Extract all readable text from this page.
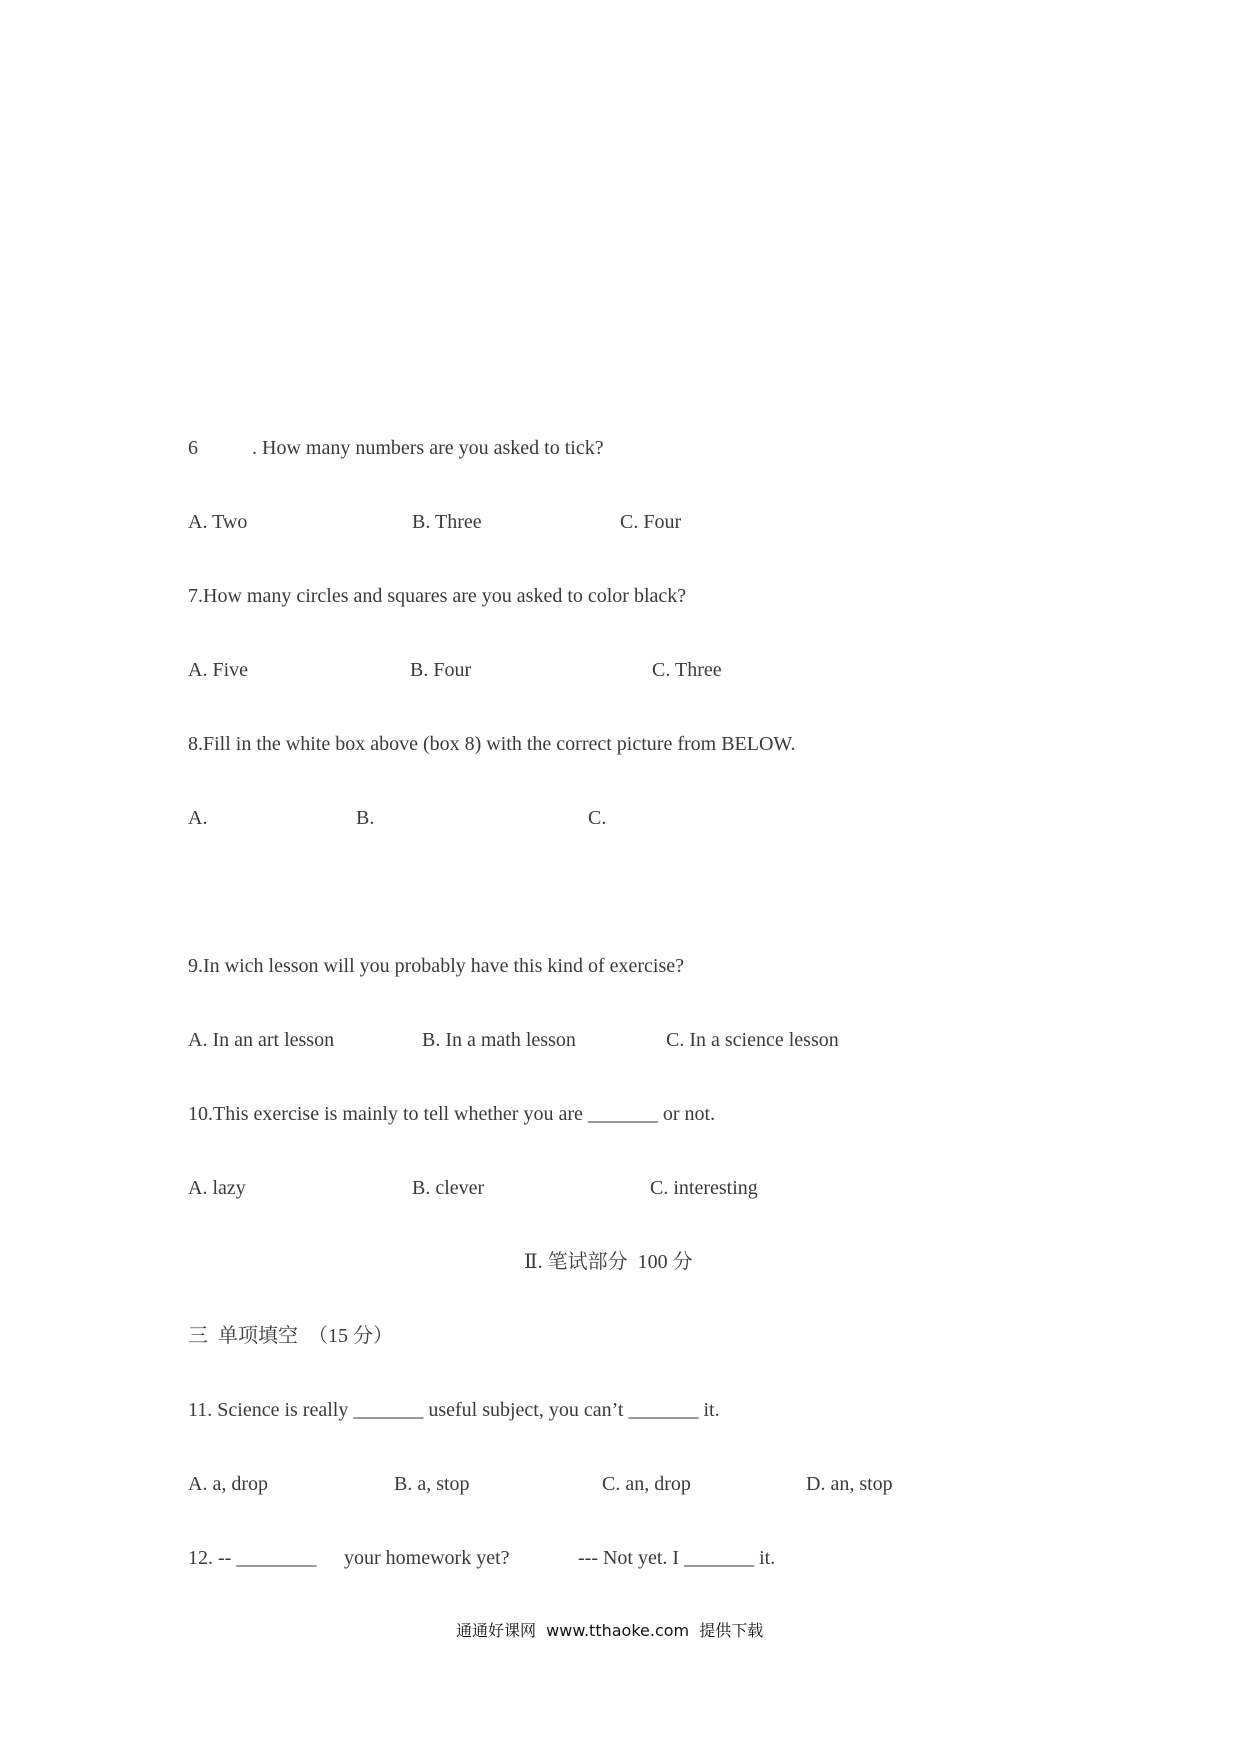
6	. How many numbers are you asked to tick?
A. Two	B. Three	C. Four
7.How many circles and squares are you asked to color black?
A. Five	B. Four	C. Three
8.Fill in the white box above (box 8) with the correct picture from BELOW.
A.	B.	C.
9.In wich lesson will you probably have this kind of exercise?
A. In an art lesson	B. In a math lesson	C. In a science lesson
10.This exercise is mainly to tell whether you are _______ or not.
A. lazy	B. clever	C. interesting
Ⅱ. 笔试部分  100 分
三  单项填空  （15 分）
11. Science is really _______ useful subject, you can’t _______ it.
A. a, drop	B. a, stop	C. an, drop	D. an, stop
12. -- ________ your homework yet?	--- Not yet. I _______ it.
通通好课网  www.tthaoke.com  提供下载
